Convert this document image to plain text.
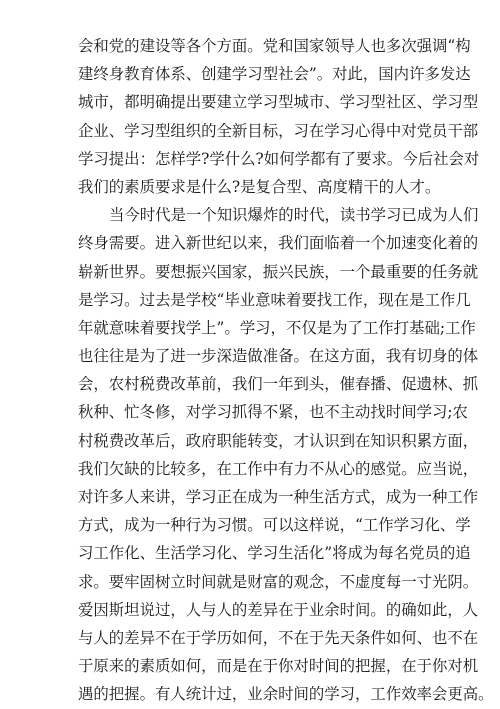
会和党的建设等各个方面。党和国家领导人也多次强调“构
建终身教育体系、创建学习型社会”。对此，国内许多发达
城市，都明确提出要建立学习型城市、学习型社区、学习型
企业、学习型组织的全新目标，习在学习心得中对党员干部
学习提出：怎样学?学什么?如何学都有了要求。今后社会对
我们的素质要求是什么?是复合型、高度精干的人才。
当今时代是一个知识爆炸的时代，读书学习已成为人们
终身需要。进入新世纪以来，我们面临着一个加速变化着的
崭新世界。要想振兴国家，振兴民族，一个最重要的任务就
是学习。过去是学校“毕业意味着要找工作，现在是工作几
年就意味着要找学上”。学习，不仅是为了工作打基础;工作
也往往是为了进一步深造做准备。在这方面，我有切身的体
会，农村税费改革前，我们一年到头，催春播、促遗林、抓
秋种、忙冬修，对学习抓得不紧，也不主动找时间学习;农
村税费改革后，政府职能转变，才认识到在知识积累方面，
我们欠缺的比较多，在工作中有力不从心的感觉。应当说，
对许多人来讲，学习正在成为一种生活方式，成为一种工作
方式，成为一种行为习惯。可以这样说，“工作学习化、学
习工作化、生活学习化、学习生活化”将成为每名党员的追
求。要牢固树立时间就是财富的观念，不虚度每一寸光阴。
爱因斯坦说过，人与人的差异在于业余时间。的确如此，人
与人的差异不在于学历如何，不在于先天条件如何、也不在
于原来的素质如何，而是在于你对时间的把握，在于你对机
遇的把握。有人统计过，业余时间的学习，工作效率会更高。
